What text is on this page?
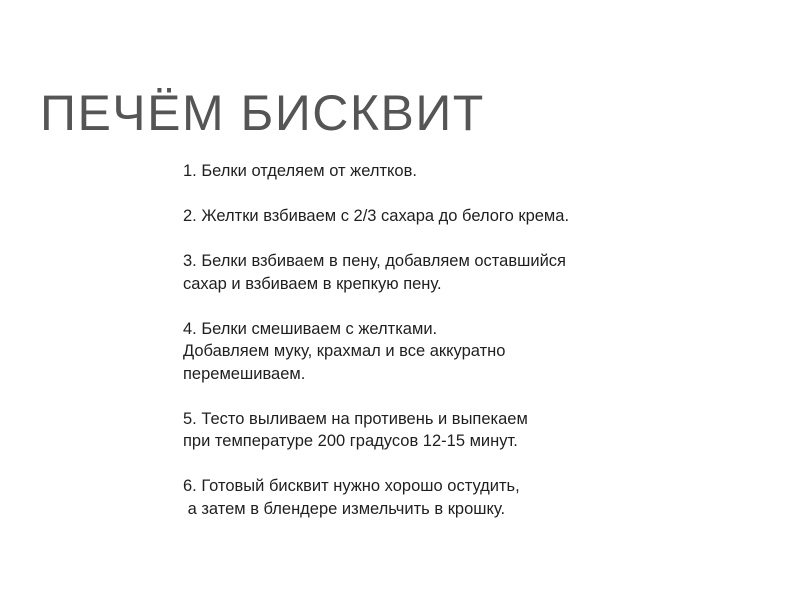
ПЕЧЁМ БИСКВИТ
1. Белки отделяем от желтков.
2. Желтки взбиваем с 2/3 сахара до белого крема.
3. Белки взбиваем в пену, добавляем оставшийся
сахар и взбиваем в крепкую пену.
4. Белки смешиваем с желтками.
Добавляем муку, крахмал и все аккуратно
перемешиваем.
5. Тесто выливаем на противень и выпекаем
при температуре 200 градусов 12-15 минут.
6. Готовый бисквит нужно хорошо остудить,
а затем в блендере измельчить в крошку.
